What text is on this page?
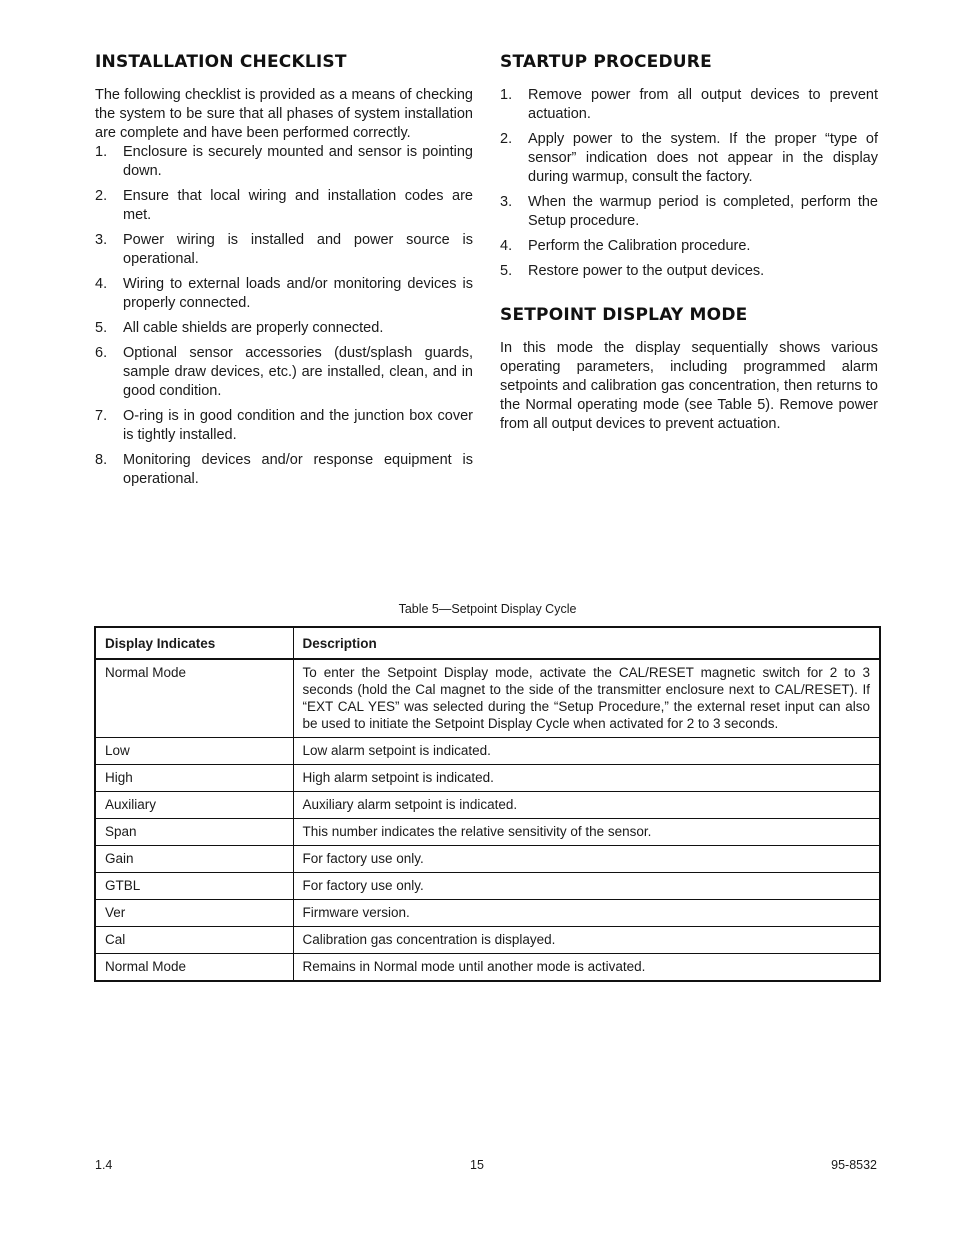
INSTALLATION CHECKLIST

The following checklist is provided as a means of checking the system to be sure that all phases of system installation are complete and have been performed correctly.

1. Enclosure is securely mounted and sensor is pointing down.
2. Ensure that local wiring and installation codes are met.
3. Power wiring is installed and power source is operational.
4. Wiring to external loads and/or monitoring devices is properly connected.
5. All cable shields are properly connected.
6. Optional sensor accessories (dust/splash guards, sample draw devices, etc.) are installed, clean, and in good condition.
7. O-ring is in good condition and the junction box cover is tightly installed.
8. Monitoring devices and/or response equipment is operational.
STARTUP PROCEDURE
1. Remove power from all output devices to prevent actuation.
2. Apply power to the system. If the proper “type of sensor” indication does not appear in the display during warmup, consult the factory.
3. When the warmup period is completed, perform the Setup procedure.
4. Perform the Calibration procedure.
5. Restore power to the output devices.
SETPOINT DISPLAY MODE

In this mode the display sequentially shows various operating parameters, including programmed alarm setpoints and calibration gas concentration, then returns to the Normal operating mode (see Table 5). Remove power from all output devices to prevent actuation.

Table 5—Setpoint Display Cycle
Display Indicates	Description
Normal Mode	To enter the Setpoint Display mode, activate the CAL/RESET magnetic switch for 2 to 3 seconds (hold the Cal magnet to the side of the transmitter enclosure next to CAL/RESET). If “EXT CAL YES” was selected during the “Setup Procedure,” the external reset input can also be used to initiate the Setpoint Display Cycle when activated for 2 to 3 seconds.
Low	Low alarm setpoint is indicated.
High	High alarm setpoint is indicated.
Auxiliary	Auxiliary alarm setpoint is indicated.
Span	This number indicates the relative sensitivity of the sensor.
Gain	For factory use only.
GTBL	For factory use only.
Ver	Firmware version.
Cal	Calibration gas concentration is displayed.
Normal Mode	Remains in Normal mode until another mode is activated.
1.4	15	95-8532
